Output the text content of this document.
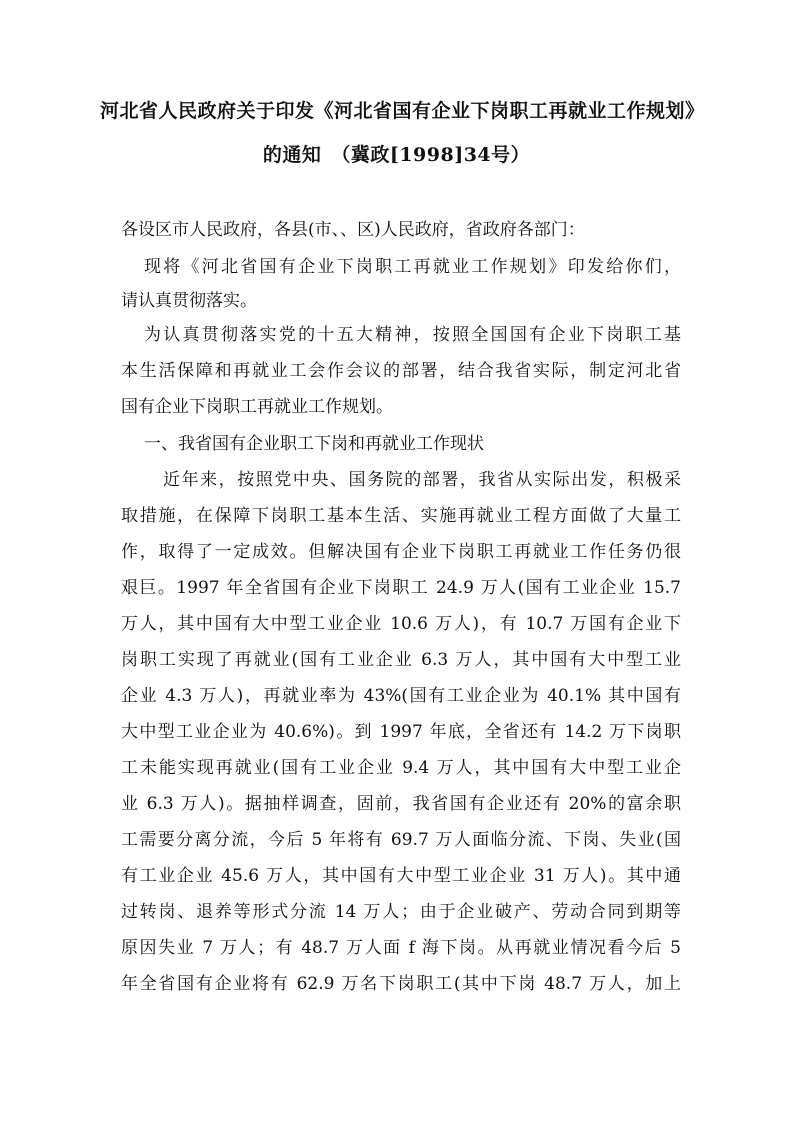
河北省人民政府关于印发《河北省国有企业下岗职工再就业工作规划》
的通知　（冀政[1998]34号）
各设区市人民政府，各县(市、、区)人民政府，省政府各部门：
现将《河北省国有企业下岗职工再就业工作规划》印发给你们，
请认真贯彻落实。
为认真贯彻落实党的十五大精神，按照全国国有企业下岗职工基
本生活保障和再就业工会作会议的部署，结合我省实际，制定河北省
国有企业下岗职工再就业工作规划。
一、我省国有企业职工下岗和再就业工作现状
近年来，按照党中央、国务院的部署，我省从实际出发，积极采
取措施，在保障下岗职工基本生活、实施再就业工程方面做了大量工
作，取得了一定成效。但解决国有企业下岗职工再就业工作任务仍很
艰巨。1997 年全省国有企业下岗职工 24.9 万人(国有工业企业 15.7
万人，其中国有大中型工业企业 10.6 万人)，有 10.7 万国有企业下
岗职工实现了再就业(国有工业企业 6.3 万人，其中国有大中型工业
企业 4.3 万人)，再就业率为 43%(国有工业企业为 40.1% 其中国有
大中型工业企业为 40.6%)。到 1997 年底，全省还有 14.2 万下岗职
工未能实现再就业(国有工业企业 9.4 万人，其中国有大中型工业企
业 6.3 万人)。据抽样调查，固前，我省国有企业还有 20%的富余职
工需要分离分流，今后 5 年将有 69.7 万人面临分流、下岗、失业(国
有工业企业 45.6 万人，其中国有大中型工业企业 31 万人)。其中通
过转岗、退养等形式分流 14 万人；由于企业破产、劳动合同到期等
原因失业 7 万人；有 48.7 万人面 f 海下岗。从再就业情况看今后 5
年全省国有企业将有 62.9 万名下岗职工(其中下岗 48.7 万人，加上
